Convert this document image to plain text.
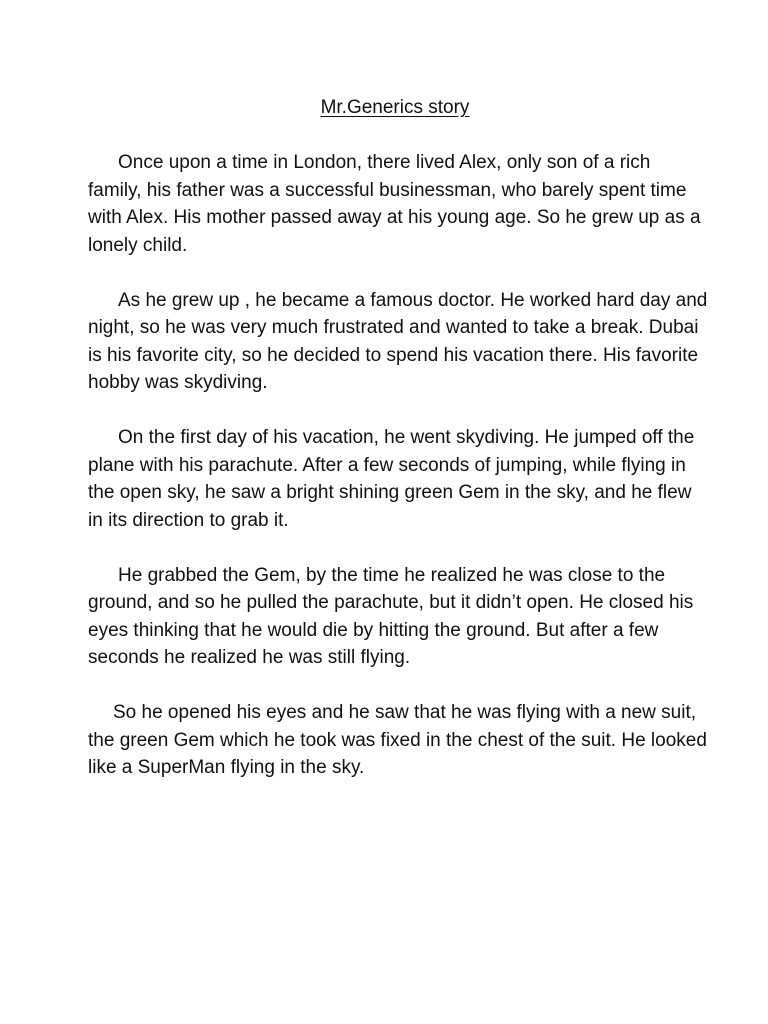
Mr.Generics story

Once upon a time in London, there lived Alex, only son of a rich family, his father was a successful businessman, who barely spent time with Alex. His mother passed away at his young age. So he grew up as a lonely child.

As he grew up , he became a famous doctor. He worked hard day and night, so he was very much frustrated and wanted to take a break. Dubai is his favorite city, so he decided to spend his vacation there. His favorite hobby was skydiving.

On the first day of his vacation, he went skydiving. He jumped off the plane with his parachute. After a few seconds of jumping, while flying in the open sky, he saw a bright shining green Gem in the sky, and he flew in its direction to grab it.

He grabbed the Gem, by the time he realized he was close to the ground, and so he pulled the parachute, but it didn’t open. He closed his eyes thinking that he would die by hitting the ground. But after a few seconds he realized he was still flying.

So he opened his eyes and he saw that he was flying with a new suit, the green Gem which he took was fixed in the chest of the suit. He looked like a SuperMan flying in the sky.
